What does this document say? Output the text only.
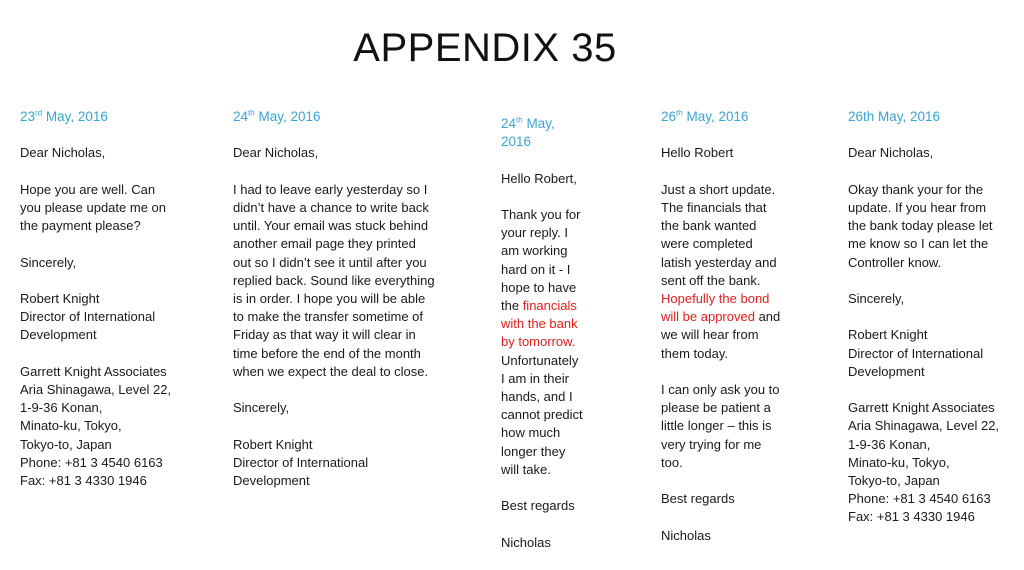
APPENDIX 35

23rd May, 2016

Dear Nicholas,

Hope you are well. Can
you please update me on
the payment please?

Sincerely,

Robert Knight
Director of International
Development

Garrett Knight Associates
Aria Shinagawa, Level 22,
1-9-36 Konan,
Minato-ku, Tokyo,
Tokyo-to, Japan
Phone: +81 3 4540 6163
Fax: +81 3 4330 1946

24th May, 2016

Dear Nicholas,

I had to leave early yesterday so I
didn’t have a chance to write back
until. Your email was stuck behind
another email page they printed
out so I didn’t see it until after you
replied back. Sound like everything
is in order. I hope you will be able
to make the transfer sometime of
Friday as that way it will clear in
time before the end of the month
when we expect the deal to close.

Sincerely,

Robert Knight
Director of International
Development

24th May,
2016

Hello Robert,

Thank you for
your reply. I
am working
hard on it - I
hope to have
the financials
with the bank
by tomorrow.
Unfortunately
I am in their
hands, and I
cannot predict
how much
longer they
will take.

Best regards

Nicholas

26th May, 2016

Hello Robert

Just a short update.
The financials that
the bank wanted
were completed
latish yesterday and
sent off the bank.
Hopefully the bond
will be approved and
we will hear from
them today.

I can only ask you to
please be patient a
little longer – this is
very trying for me
too.

Best regards

Nicholas

26th May, 2016

Dear Nicholas,

Okay thank your for the
update. If you hear from
the bank today please let
me know so I can let the
Controller know.

Sincerely,

Robert Knight
Director of International
Development

Garrett Knight Associates
Aria Shinagawa, Level 22,
1-9-36 Konan,
Minato-ku, Tokyo,
Tokyo-to, Japan
Phone: +81 3 4540 6163
Fax: +81 3 4330 1946
